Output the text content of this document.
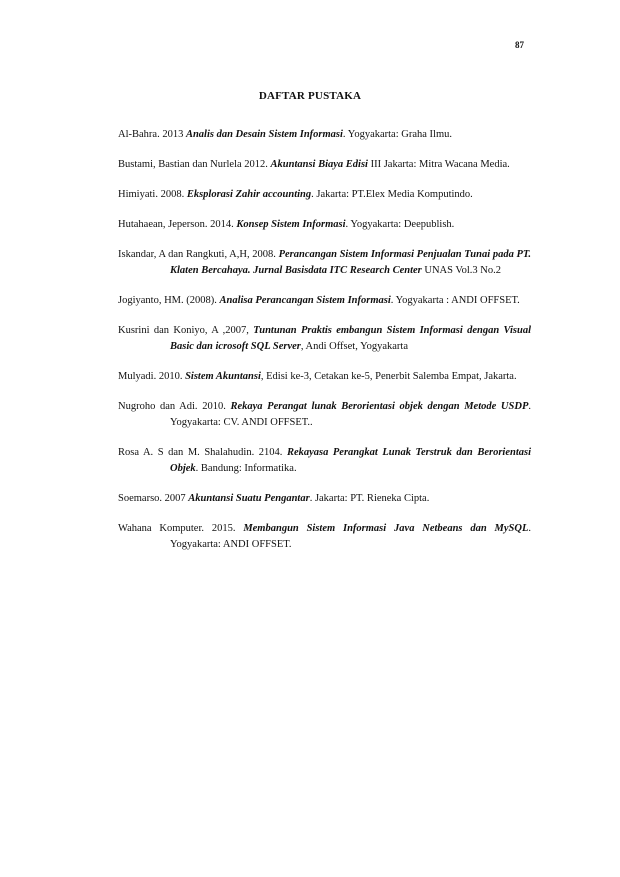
87
DAFTAR PUSTAKA

Al-Bahra. 2013 Analis dan Desain Sistem Informasi. Yogyakarta: Graha Ilmu.

Bustami, Bastian dan Nurlela 2012. Akuntansi Biaya Edisi III Jakarta: Mitra Wacana Media.

Himiyati. 2008. Eksplorasi Zahir accounting. Jakarta: PT.Elex Media Komputindo.

Hutahaean, Jeperson. 2014. Konsep Sistem Informasi. Yogyakarta: Deepublish.

Iskandar, A dan Rangkuti, A,H, 2008. Perancangan Sistem Informasi Penjualan Tunai pada PT. Klaten Bercahaya. Jurnal Basisdata ITC Research Center UNAS Vol.3 No.2

Jogiyanto, HM. (2008). Analisa Perancangan Sistem Informasi. Yogyakarta : ANDI OFFSET.

Kusrini dan Koniyo, A ,2007, Tuntunan Praktis embangun Sistem Informasi dengan Visual Basic dan icrosoft SQL Server, Andi Offset, Yogyakarta

Mulyadi. 2010. Sistem Akuntansi, Edisi ke-3, Cetakan ke-5, Penerbit Salemba Empat, Jakarta.

Nugroho dan Adi. 2010. Rekaya Perangat lunak Berorientasi objek dengan Metode USDP. Yogyakarta: CV. ANDI OFFSET..

Rosa A. S dan M. Shalahudin. 2104. Rekayasa Perangkat Lunak Terstruk dan Berorientasi Objek. Bandung: Informatika.

Soemarso. 2007 Akuntansi Suatu Pengantar. Jakarta: PT. Rieneka Cipta.

Wahana Komputer. 2015. Membangun Sistem Informasi Java Netbeans dan MySQL. Yogyakarta: ANDI OFFSET.
